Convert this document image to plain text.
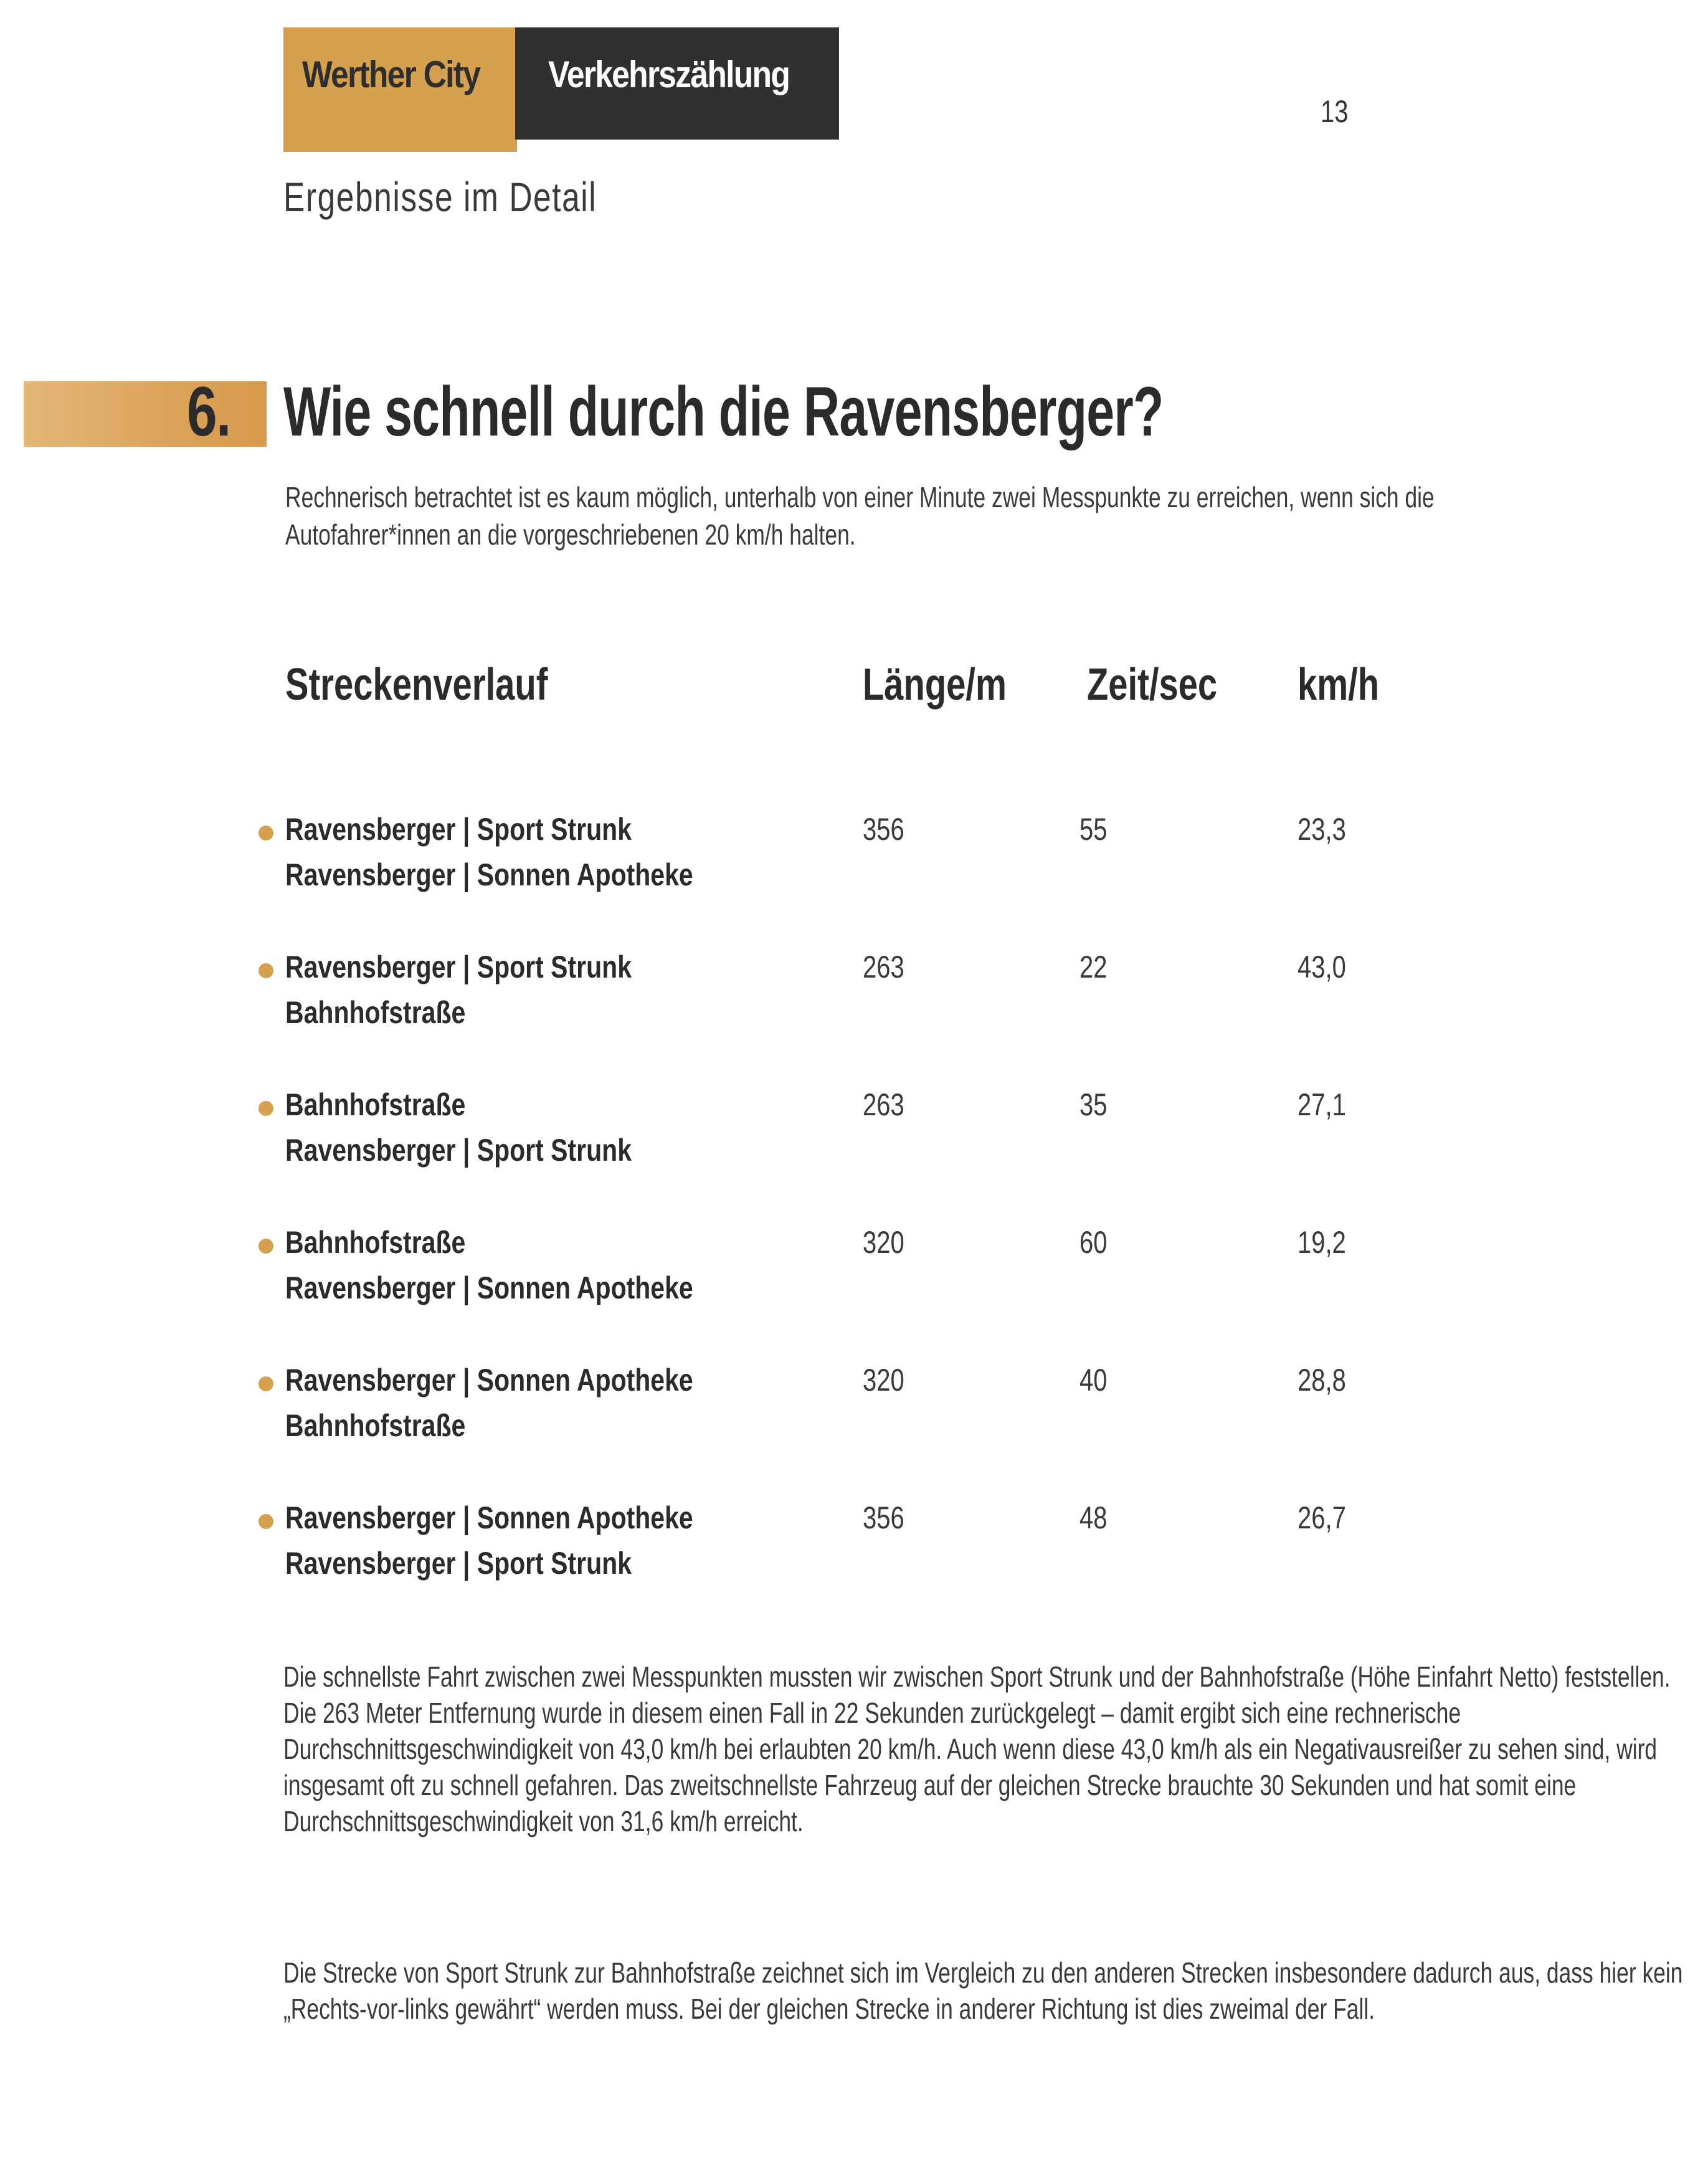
Werther City Verkehrszählung
13
Ergebnisse im Detail
6. Wie schnell durch die Ravensberger?
Rechnerisch betrachtet ist es kaum möglich, unterhalb von einer Minute zwei Messpunkte zu erreichen, wenn sich die Autofahrer*innen an die vorgeschriebenen 20 km/h halten.
Streckenverlauf	Länge/m Zeit/sec km/h
Ravensberger | Sport Strunk
Ravensberger | Sonnen Apotheke
356	55	23,3
Ravensberger | Sport Strunk
Bahnhofstraße
263	22	43,0
Bahnhofstraße
Ravensberger | Sport Strunk
263	35	27,1
Bahnhofstraße
Ravensberger | Sonnen Apotheke
320	60	19,2
Ravensberger | Sonnen Apotheke
Bahnhofstraße
320	40	28,8
Ravensberger | Sonnen Apotheke
Ravensberger | Sport Strunk
356	48	26,7
Die schnellste Fahrt zwischen zwei Messpunkten mussten wir zwischen Sport Strunk und der Bahnhofstraße (Höhe Einfahrt Netto) feststellen. Die 263 Meter Entfernung wurde in diesem einen Fall in 22 Sekunden zurückgelegt – damit ergibt sich eine rechnerische Durchschnittsgeschwindigkeit von 43,0 km/h bei erlaubten 20 km/h. Auch wenn diese 43,0 km/h als ein Negativausreißer zu sehen sind, wird insgesamt oft zu schnell gefahren. Das zweitschnellste Fahrzeug auf der gleichen Strecke brauchte 30 Sekunden und hat somit eine Durchschnittsgeschwindigkeit von 31,6 km/h erreicht.
Die Strecke von Sport Strunk zur Bahnhofstraße zeichnet sich im Vergleich zu den anderen Strecken insbesondere dadurch aus, dass hier kein „Rechts-vor-links gewährt“ werden muss. Bei der gleichen Strecke in anderer Richtung ist dies zweimal der Fall.
